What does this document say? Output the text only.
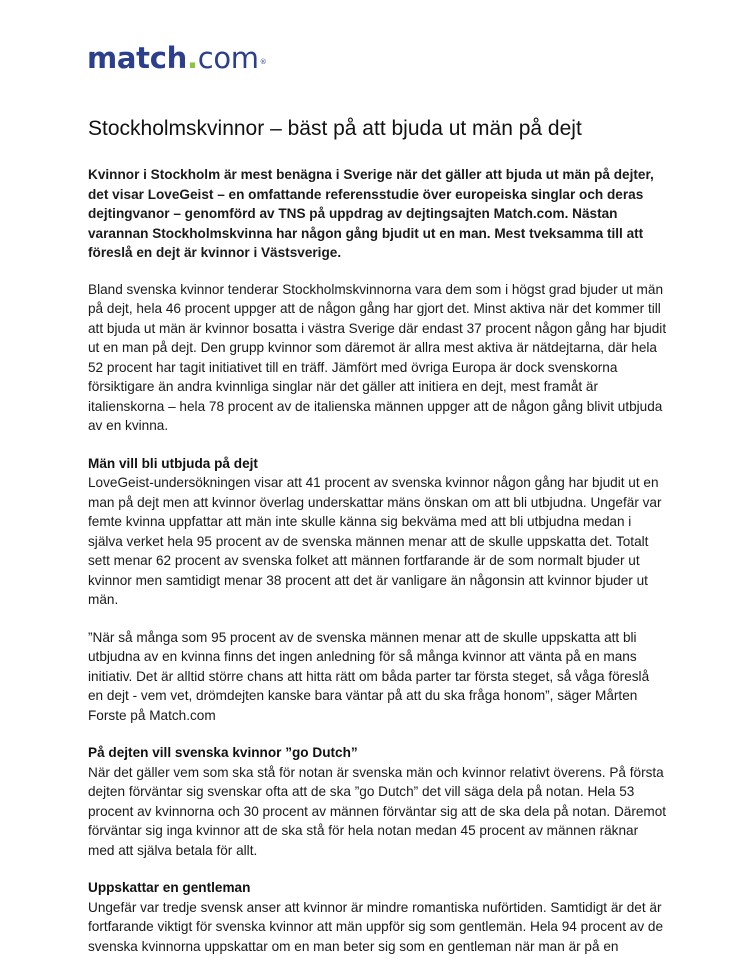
match.com®
Stockholmskvinnor – bäst på att bjuda ut män på dejt

Kvinnor i Stockholm är mest benägna i Sverige när det gäller att bjuda ut män på dejter, det visar LoveGeist – en omfattande referensstudie över europeiska singlar och deras dejtingvanor – genomförd av TNS på uppdrag av dejtingsajten Match.com. Nästan varannan Stockholmskvinna har någon gång bjudit ut en man. Mest tveksamma till att föreslå en dejt är kvinnor i Västsverige.

Bland svenska kvinnor tenderar Stockholmskvinnorna vara dem som i högst grad bjuder ut män på dejt, hela 46 procent uppger att de någon gång har gjort det. Minst aktiva när det kommer till att bjuda ut män är kvinnor bosatta i västra Sverige där endast 37 procent någon gång har bjudit ut en man på dejt. Den grupp kvinnor som däremot är allra mest aktiva är nätdejtarna, där hela 52 procent har tagit initiativet till en träff. Jämfört med övriga Europa är dock svenskorna försiktigare än andra kvinnliga singlar när det gäller att initiera en dejt, mest framåt är italienskorna – hela 78 procent av de italienska männen uppger att de någon gång blivit utbjuda av en kvinna.

Män vill bli utbjuda på dejt

LoveGeist-undersökningen visar att 41 procent av svenska kvinnor någon gång har bjudit ut en man på dejt men att kvinnor överlag underskattar mäns önskan om att bli utbjudna. Ungefär var femte kvinna uppfattar att män inte skulle känna sig bekväma med att bli utbjudna medan i själva verket hela 95 procent av de svenska männen menar att de skulle uppskatta det. Totalt sett menar 62 procent av svenska folket att männen fortfarande är de som normalt bjuder ut kvinnor men samtidigt menar 38 procent att det är vanligare än någonsin att kvinnor bjuder ut män.

”När så många som 95 procent av de svenska männen menar att de skulle uppskatta att bli utbjudna av en kvinna finns det ingen anledning för så många kvinnor att vänta på en mans initiativ. Det är alltid större chans att hitta rätt om båda parter tar första steget, så våga föreslå en dejt - vem vet, drömdejten kanske bara väntar på att du ska fråga honom”, säger Mårten Forste på Match.com

På dejten vill svenska kvinnor ”go Dutch”

När det gäller vem som ska stå för notan är svenska män och kvinnor relativt överens. På första dejten förväntar sig svenskar ofta att de ska ”go Dutch” det vill säga dela på notan. Hela 53 procent av kvinnorna och 30 procent av männen förväntar sig att de ska dela på notan. Däremot förväntar sig inga kvinnor att de ska stå för hela notan medan 45 procent av männen räknar med att själva betala för allt.

Uppskattar en gentleman

Ungefär var tredje svensk anser att kvinnor är mindre romantiska nuförtiden. Samtidigt är det är fortfarande viktigt för svenska kvinnor att män uppför sig som gentlemän. Hela 94 procent av de svenska kvinnorna uppskattar om en man beter sig som en gentleman när man är på en
